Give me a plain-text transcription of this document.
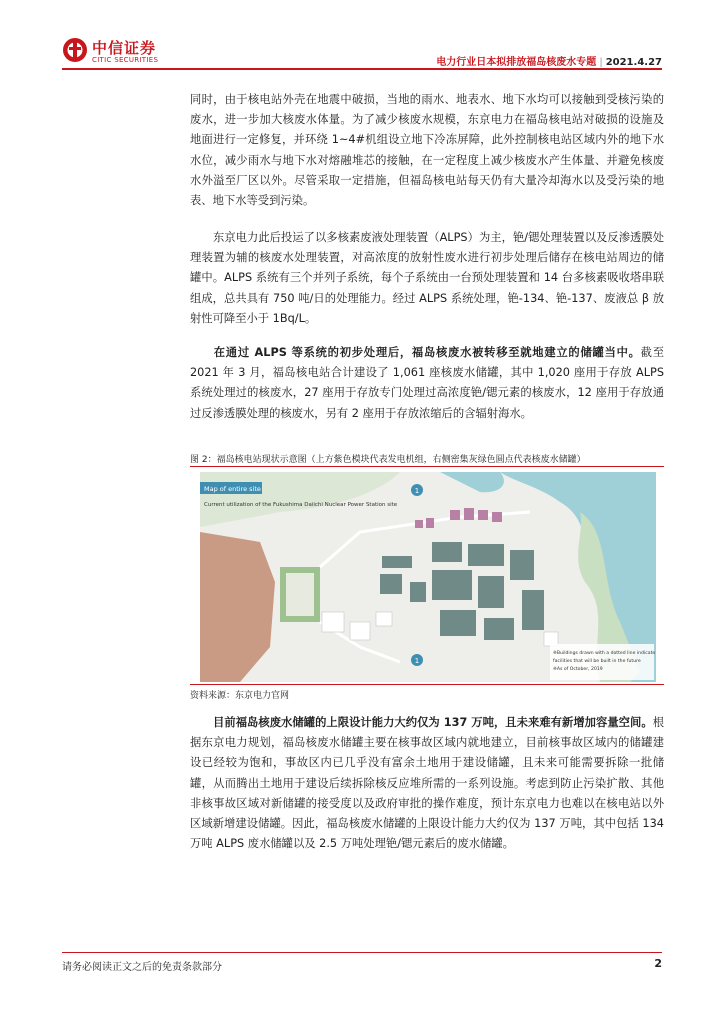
中信证券
CITIC SECURITIES	电力行业日本拟排放福岛核废水专题 | 2021.4.27

同时，由于核电站外壳在地震中破损，当地的雨水、地表水、地下水均可以接触到受核污染的废水，进一步加大核废水体量。为了减少核废水规模，东京电力在福岛核电站对破损的设施及地面进行一定修复，并环绕 1~4#机组设立地下冷冻屏障，此外控制核电站区域内外的地下水水位，减少雨水与地下水对熔融堆芯的接触，在一定程度上减少核废水产生体量、并避免核废水外溢至厂区以外。尽管采取一定措施，但福岛核电站每天仍有大量冷却海水以及受污染的地表、地下水等受到污染。

东京电力此后投运了以多核素废液处理装置（ALPS）为主，铯/锶处理装置以及反渗透膜处理装置为辅的核废水处理装置，对高浓度的放射性废水进行初步处理后储存在核电站周边的储罐中。ALPS 系统有三个并列子系统，每个子系统由一台预处理装置和 14 台多核素吸收塔串联组成，总共具有 750 吨/日的处理能力。经过 ALPS 系统处理，铯-134、铯-137、废液总 β 放射性可降至小于 1Bq/L。

在通过 ALPS 等系统的初步处理后，福岛核废水被转移至就地建立的储罐当中。截至 2021 年 3 月，福岛核电站合计建设了 1,061 座核废水储罐，其中 1,020 座用于存放 ALPS 系统处理过的核废水，27 座用于存放专门处理过高浓度铯/锶元素的核废水，12 座用于存放通过反渗透膜处理的核废水，另有 2 座用于存放浓缩后的含辐射海水。

图 2：福岛核电站现状示意图（上方紫色模块代表发电机组，右侧密集灰绿色圆点代表核废水储罐）
1
1
Map of entire site
Current utilization of the Fukushima Daiichi Nuclear Power Station site
※Buildings drawn with a dotted line indicate
facilities that will be built in the future
※As of October, 2019
资料来源：东京电力官网

目前福岛核废水储罐的上限设计能力大约仅为 137 万吨，且未来难有新增加容量空间。根据东京电力规划，福岛核废水储罐主要在核事故区域内就地建立，目前核事故区域内的储罐建设已经较为饱和，事故区内已几乎没有富余土地用于建设储罐，且未来可能需要拆除一批储罐，从而腾出土地用于建设后续拆除核反应堆所需的一系列设施。考虑到防止污染扩散、其他非核事故区域对新储罐的接受度以及政府审批的操作难度，预计东京电力也难以在核电站以外区域新增建设储罐。因此，福岛核废水储罐的上限设计能力大约仅为 137 万吨，其中包括 134 万吨 ALPS 废水储罐以及 2.5 万吨处理铯/锶元素后的废水储罐。

请务必阅读正文之后的免责条款部分	2
